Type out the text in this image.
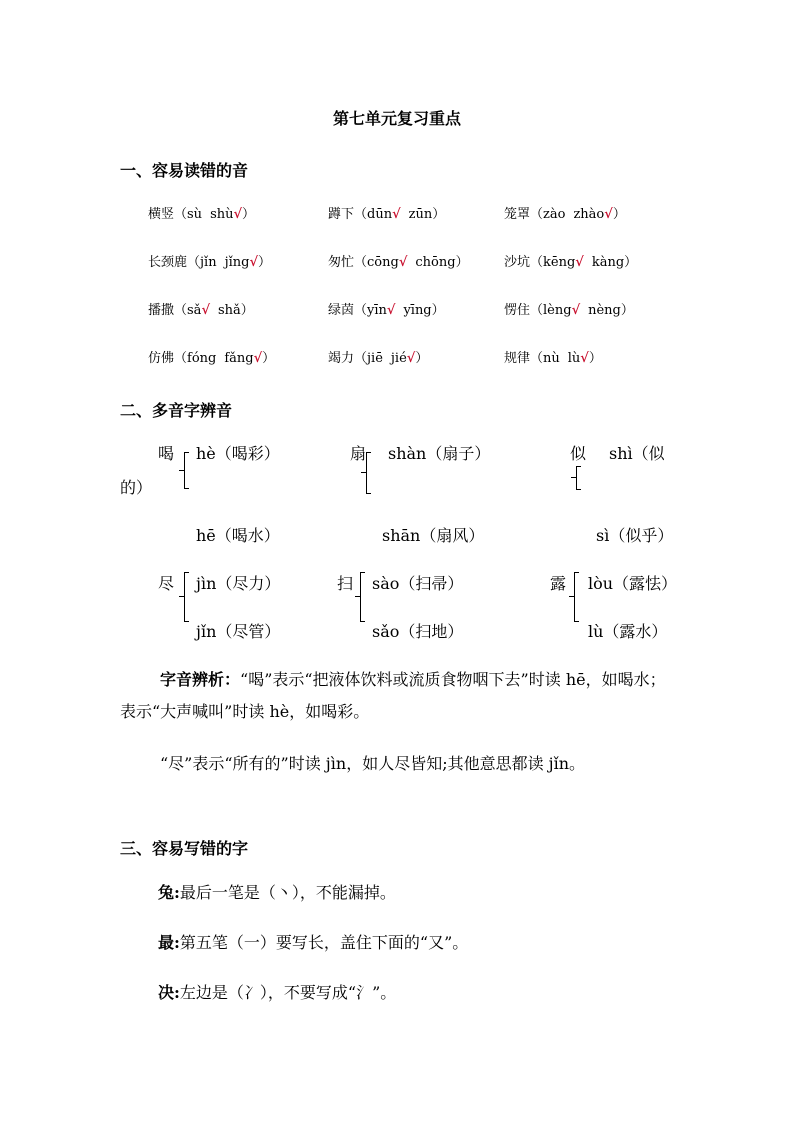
第七单元复习重点
一、容易读错的音
横竖（sù shù√）	蹲下（dūn√ zūn）	笼罩（zào zhào√）
长颈鹿（jǐn jǐng√）	匆忙（cōng√ chōng）	沙坑（kēng√ kàng）
播撒（sǎ√ shǎ）	绿茵（yīn√ yīng）	愣住（lèng√ nèng）
仿佛（fóng fǎng√）	竭力（jiē jié√）	规律（nù lù√）
二、多音字辨音
喝 hè（喝彩）
hē（喝水）
扇 shàn（扇子）
shān（扇风）
似 shì（似
的）
sì（似乎）
尽 jìn（尽力）
jǐn（尽管）
扫 sào（扫帚）
sǎo（扫地）
露 lòu（露怯）
lù（露水）
字音辨析：“喝”表示“把液体饮料或流质食物咽下去”时读 hē，如喝水；表示“大声喊叫”时读 hè，如喝彩。
“尽”表示“所有的”时读 jìn，如人尽皆知;其他意思都读 jǐn。
三、容易写错的字
兔:最后一笔是（丶），不能漏掉。
最:第五笔（一）要写长，盖住下面的“又”。
决:左边是（冫），不要写成“氵”。
